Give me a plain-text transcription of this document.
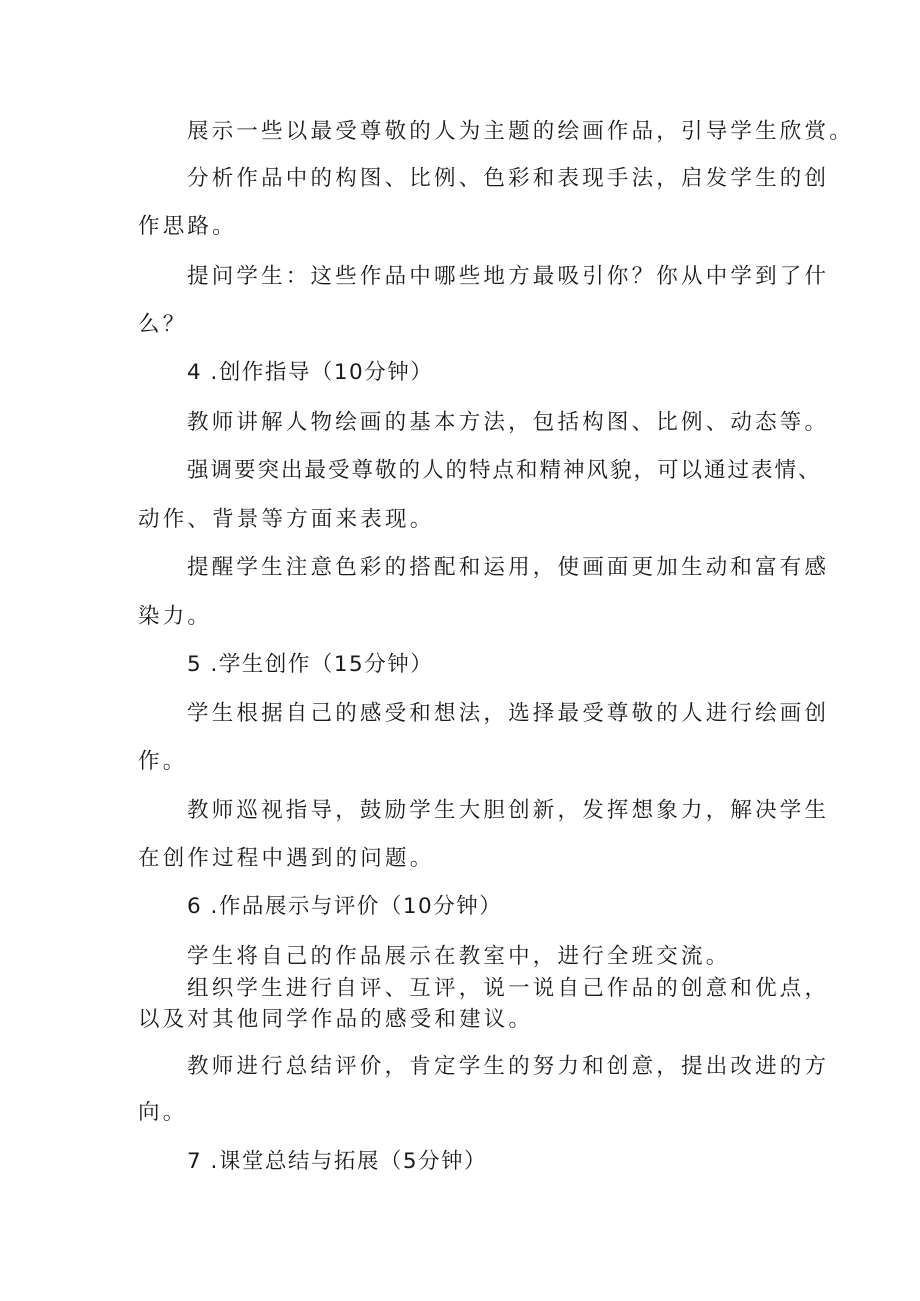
展示一些以最受尊敬的人为主题的绘画作品，引导学生欣赏。
分析作品中的构图、比例、色彩和表现手法，启发学生的创
作思路。
提问学生：这些作品中哪些地方最吸引你？你从中学到了什
么？
4 .创作指导（10分钟）
教师讲解人物绘画的基本方法，包括构图、比例、动态等。
强调要突出最受尊敬的人的特点和精神风貌，可以通过表情、
动作、背景等方面来表现。
提醒学生注意色彩的搭配和运用，使画面更加生动和富有感
染力。
5 .学生创作（15分钟）
学生根据自己的感受和想法，选择最受尊敬的人进行绘画创
作。
教师巡视指导，鼓励学生大胆创新，发挥想象力，解决学生
在创作过程中遇到的问题。
6 .作品展示与评价（10分钟）
学生将自己的作品展示在教室中，进行全班交流。
组织学生进行自评、互评，说一说自己作品的创意和优点，
以及对其他同学作品的感受和建议。
教师进行总结评价，肯定学生的努力和创意，提出改进的方
向。
7 .课堂总结与拓展（5分钟）
